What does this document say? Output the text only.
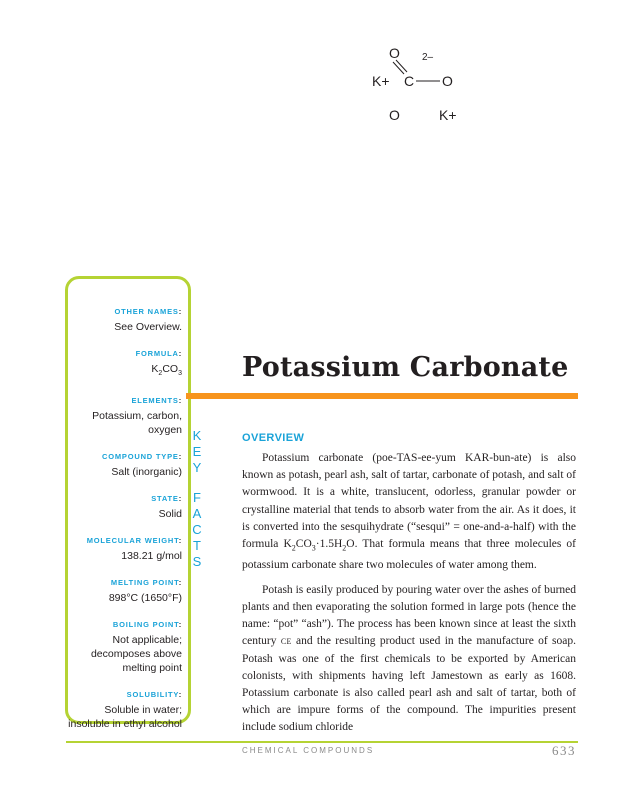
O 2–
K+ C O
O	K+
OTHER NAMES:
See Overview.
FORMULA:
$K_2CO_3$
ELEMENTS:
Potassium, carbon, oxygen
COMPOUND TYPE:
Salt (inorganic)
STATE:
Solid
MOLECULAR WEIGHT:
138.21 g/mol
MELTING POINT:
898°C (1650°F)
BOILING POINT:
Not applicable; decomposes above melting point
SOLUBILITY:
Soluble in water; insoluble in ethyl alcohol
K
E
Y
F
A
C
T
S
Potassium Carbonate
OVERVIEW

Potassium carbonate (poe-TAS-ee-yum KAR-bun-ate) is also known as potash, pearl ash, salt of tartar, carbonate of potash, and salt of wormwood. It is a white, translucent, odorless, granular powder or crystalline material that tends to absorb water from the air. As it does, it is converted into the sesquihydrate (“sesqui” = one-and-a-half) with the formula $K_2CO_3\cdot 1.5H_2O$. That formula means that three molecules of potassium carbonate share two molecules of water among them.

Potash is easily produced by pouring water over the ashes of burned plants and then evaporating the solution formed in large pots (hence the name: “pot” “ash”). The process has been known since at least the sixth century CE and the resulting product used in the manufacture of soap. Potash was one of the first chemicals to be exported by American colonists, with shipments having left Jamestown as early as 1608. Potassium carbonate is also called pearl ash and salt of tartar, both of which are impure forms of the compound. The impurities present include sodium chloride

CHEMICAL COMPOUNDS	633
